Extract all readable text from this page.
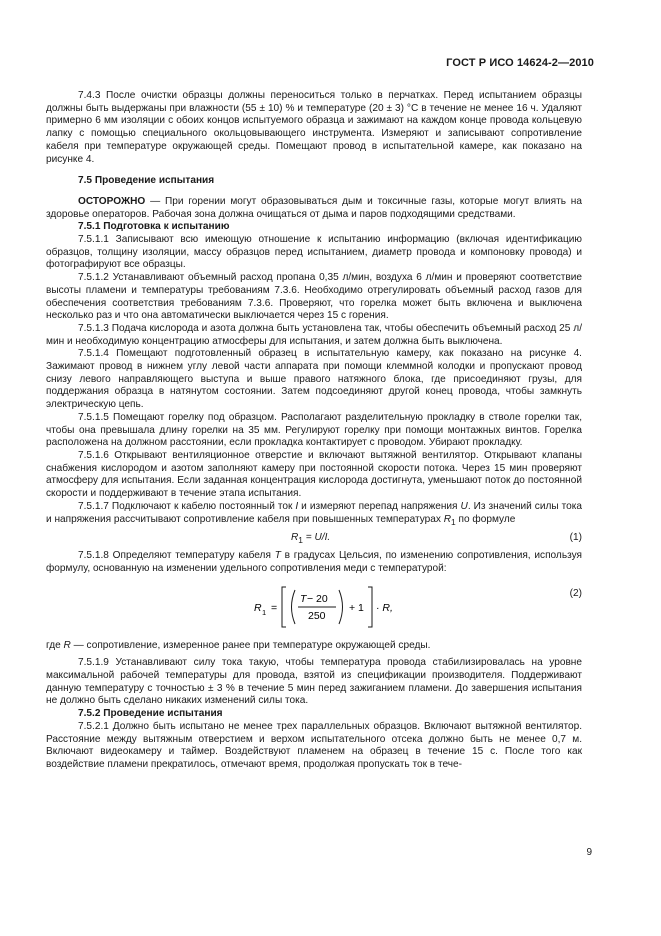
ГОСТ Р ИСО 14624-2—2010

7.4.3 После очистки образцы должны переноситься только в перчатках. Перед испытанием образцы должны быть выдержаны при влажности (55 ± 10) % и температуре (20 ± 3) °С в течение не менее 16 ч. Удаляют примерно 6 мм изоляции с обоих концов испытуемого образца и зажимают на каждом конце провода кольцевую лапку с помощью специального окольцовывающего инструмента. Измеряют и записывают сопротивление кабеля при температуре окружающей среды. Помещают провод в испытательной камере, как показано на рисунке 4.

7.5 Проведение испытания

ОСТОРОЖНО — При горении могут образовываться дым и токсичные газы, которые могут влиять на здоровье операторов. Рабочая зона должна очищаться от дыма и паров подходящими средствами.

7.5.1 Подготовка к испытанию

7.5.1.1 Записывают всю имеющую отношение к испытанию информацию (включая идентификацию образцов, толщину изоляции, массу образцов перед испытанием, диаметр провода и компоновку провода) и фотографируют все образцы.

7.5.1.2 Устанавливают объемный расход пропана 0,35 л/мин, воздуха 6 л/мин и проверяют соответствие высоты пламени и температуры требованиям 7.3.6. Необходимо отрегулировать объемный расход газов для обеспечения соответствия требованиям 7.3.6. Проверяют, что горелка может быть включена и выключена несколько раз и что она автоматически выключается через 15 с горения.

7.5.1.3 Подача кислорода и азота должна быть установлена так, чтобы обеспечить объемный расход 25 л/мин и необходимую концентрацию атмосферы для испытания, и затем должна быть выключена.

7.5.1.4 Помещают подготовленный образец в испытательную камеру, как показано на рисунке 4. Зажимают провод в нижнем углу левой части аппарата при помощи клеммной колодки и пропускают провод снизу левого направляющего выступа и выше правого натяжного блока, где присоединяют грузы, для поддержания образца в натянутом состоянии. Затем подсоединяют другой конец провода, чтобы замкнуть электрическую цепь.

7.5.1.5 Помещают горелку под образцом. Располагают разделительную прокладку в стволе горелки так, чтобы она превышала длину горелки на 35 мм. Регулируют горелку при помощи монтажных винтов. Горелка расположена на должном расстоянии, если прокладка контактирует с проводом. Убирают прокладку.

7.5.1.6 Открывают вентиляционное отверстие и включают вытяжной вентилятор. Открывают клапаны снабжения кислородом и азотом заполняют камеру при постоянной скорости потока. Через 15 мин проверяют атмосферу для испытания. Если заданная концентрация кислорода достигнута, уменьшают поток до постоянной скорости и поддерживают в течение этапа испытания.

7.5.1.7 Подключают к кабелю постоянный ток I и измеряют перепад напряжения U. Из значений силы тока и напряжения рассчитывают сопротивление кабеля при повышенных температурах $R_1$ по формуле

$R_1 = U/I$.	(1)

7.5.1.8 Определяют температуру кабеля Т в градусах Цельсия, по изменению сопротивления, используя формулу, основанную на изменении удельного сопротивления меди с температурой:

R 1 =
T − 20
250
+ 1 · R,
(2)

где R — сопротивление, измеренное ранее при температуре окружающей среды.

7.5.1.9 Устанавливают силу тока такую, чтобы температура провода стабилизировалась на уровне максимальной рабочей температуры для провода, взятой из спецификации производителя. Поддерживают данную температуру с точностью ± 3 % в течение 5 мин перед зажиганием пламени. До завершения испытания не должно быть сделано никаких изменений силы тока.

7.5.2 Проведение испытания

7.5.2.1 Должно быть испытано не менее трех параллельных образцов. Включают вытяжной вентилятор. Расстояние между вытяжным отверстием и верхом испытательного отсека должно быть не менее 0,7 м. Включают видеокамеру и таймер. Воздействуют пламенем на образец в течение 15 с. После того как воздействие пламени прекратилось, отмечают время, продолжая пропускать ток в тече-

9
